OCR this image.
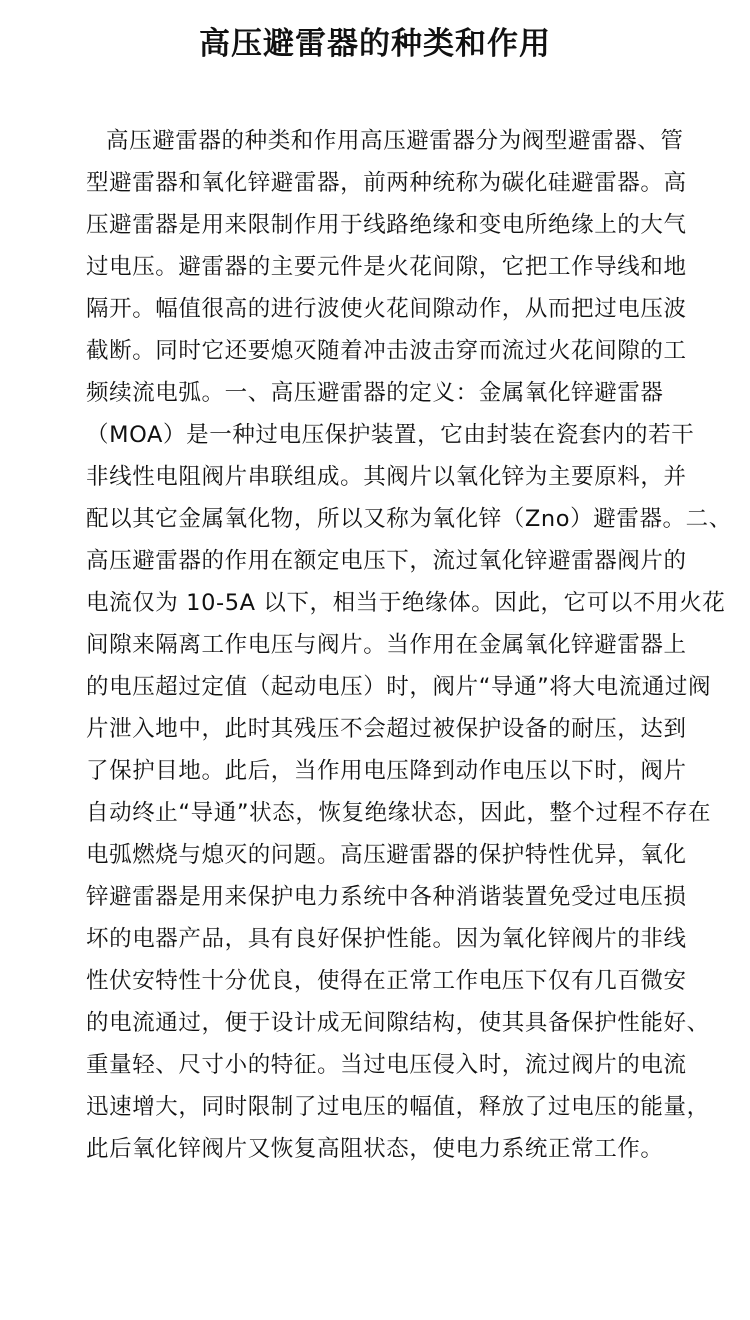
高压避雷器的种类和作用
高压避雷器的种类和作用高压避雷器分为阀型避雷器、管
型避雷器和氧化锌避雷器，前两种统称为碳化硅避雷器。高
压避雷器是用来限制作用于线路绝缘和变电所绝缘上的大气
过电压。避雷器的主要元件是火花间隙，它把工作导线和地
隔开。幅值很高的进行波使火花间隙动作，从而把过电压波
截断。同时它还要熄灭随着冲击波击穿而流过火花间隙的工
频续流电弧。一、高压避雷器的定义：金属氧化锌避雷器
（MOA）是一种过电压保护装置，它由封装在瓷套内的若干
非线性电阻阀片串联组成。其阀片以氧化锌为主要原料，并
配以其它金属氧化物，所以又称为氧化锌（Zno）避雷器。二、
高压避雷器的作用在额定电压下，流过氧化锌避雷器阀片的
电流仅为 10-5A 以下，相当于绝缘体。因此，它可以不用火花
间隙来隔离工作电压与阀片。当作用在金属氧化锌避雷器上
的电压超过定值（起动电压）时，阀片“导通”将大电流通过阀
片泄入地中，此时其残压不会超过被保护设备的耐压，达到
了保护目地。此后，当作用电压降到动作电压以下时，阀片
自动终止“导通”状态，恢复绝缘状态，因此，整个过程不存在
电弧燃烧与熄灭的问题。高压避雷器的保护特性优异，氧化
锌避雷器是用来保护电力系统中各种消谐装置免受过电压损
坏的电器产品，具有良好保护性能。因为氧化锌阀片的非线
性伏安特性十分优良，使得在正常工作电压下仅有几百微安
的电流通过，便于设计成无间隙结构，使其具备保护性能好、
重量轻、尺寸小的特征。当过电压侵入时，流过阀片的电流
迅速增大，同时限制了过电压的幅值，释放了过电压的能量，
此后氧化锌阀片又恢复高阻状态，使电力系统正常工作。
